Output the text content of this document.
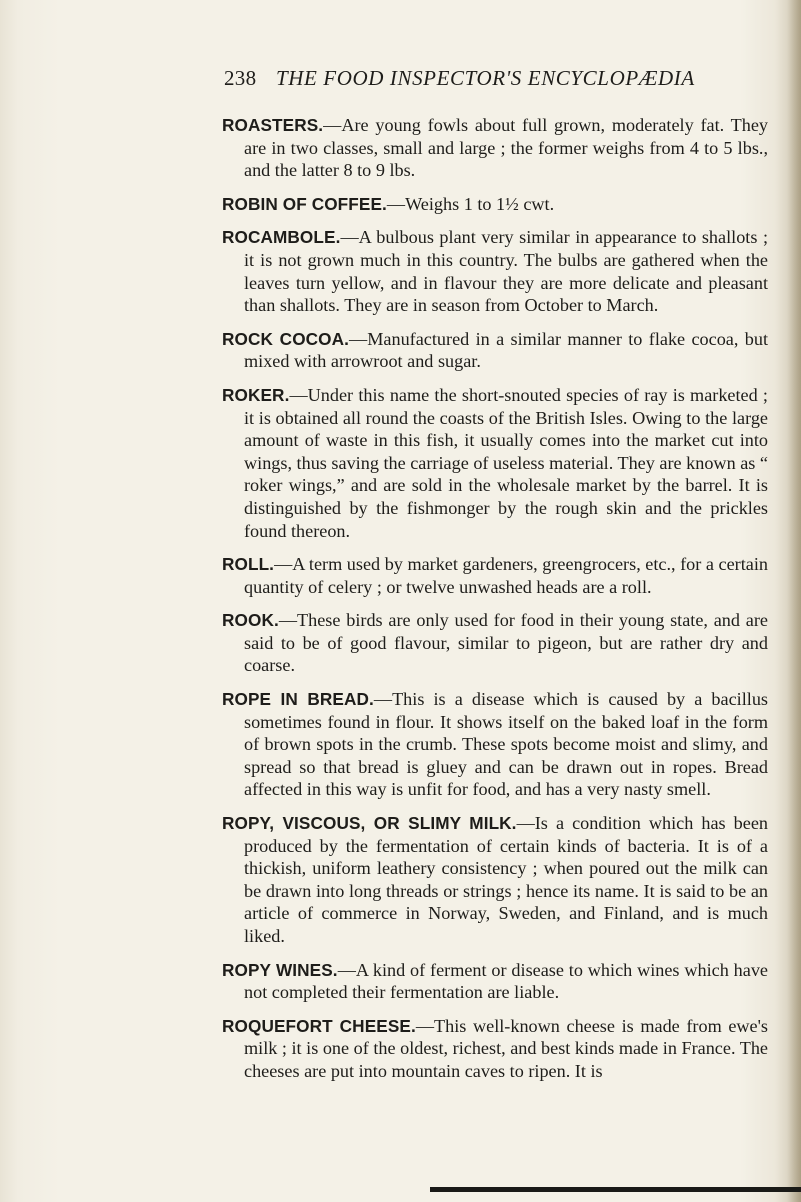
238 THE FOOD INSPECTOR'S ENCYCLOPÆDIA

ROASTERS.—Are young fowls about full grown, moderately fat. They are in two classes, small and large ; the former weighs from 4 to 5 lbs., and the latter 8 to 9 lbs.

ROBIN OF COFFEE.—Weighs 1 to 1½ cwt.

ROCAMBOLE.—A bulbous plant very similar in appearance to shallots ; it is not grown much in this country. The bulbs are gathered when the leaves turn yellow, and in flavour they are more delicate and pleasant than shallots. They are in season from October to March.

ROCK COCOA.—Manufactured in a similar manner to flake cocoa, but mixed with arrowroot and sugar.

ROKER.—Under this name the short-snouted species of ray is marketed ; it is obtained all round the coasts of the British Isles. Owing to the large amount of waste in this fish, it usually comes into the market cut into wings, thus saving the carriage of useless material. They are known as “ roker wings,” and are sold in the wholesale market by the barrel. It is distinguished by the fishmonger by the rough skin and the prickles found thereon.

ROLL.—A term used by market gardeners, greengrocers, etc., for a certain quantity of celery ; or twelve unwashed heads are a roll.

ROOK.—These birds are only used for food in their young state, and are said to be of good flavour, similar to pigeon, but are rather dry and coarse.

ROPE IN BREAD.—This is a disease which is caused by a bacillus sometimes found in flour. It shows itself on the baked loaf in the form of brown spots in the crumb. These spots become moist and slimy, and spread so that bread is gluey and can be drawn out in ropes. Bread affected in this way is unfit for food, and has a very nasty smell.

ROPY, VISCOUS, OR SLIMY MILK.—Is a condition which has been produced by the fermentation of certain kinds of bacteria. It is of a thickish, uniform leathery consistency ; when poured out the milk can be drawn into long threads or strings ; hence its name. It is said to be an article of commerce in Norway, Sweden, and Finland, and is much liked.

ROPY WINES.—A kind of ferment or disease to which wines which have not completed their fermentation are liable.

ROQUEFORT CHEESE.—This well-known cheese is made from ewe's milk ; it is one of the oldest, richest, and best kinds made in France. The cheeses are put into mountain caves to ripen. It is
